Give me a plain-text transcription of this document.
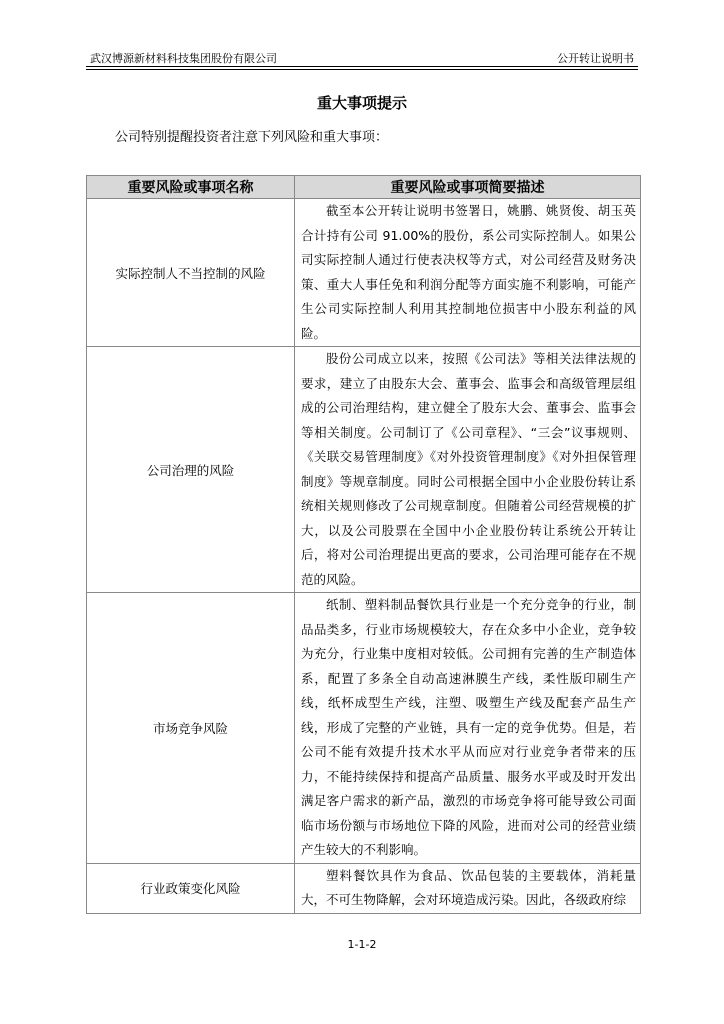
武汉博源新材料科技集团股份有限公司	公开转让说明书
重大事项提示
公司特别提醒投资者注意下列风险和重大事项：
重要风险或事项名称	重要风险或事项简要描述
实际控制人不当控制的风险	截至本公开转让说明书签署日，姚鹏、姚贤俊、胡玉英合计持有公司 91.00%的股份，系公司实际控制人。如果公司实际控制人通过行使表决权等方式，对公司经营及财务决策、重大人事任免和利润分配等方面实施不利影响，可能产生公司实际控制人利用其控制地位损害中小股东利益的风险。

公司治理的风险	股份公司成立以来，按照《公司法》等相关法律法规的要求，建立了由股东大会、董事会、监事会和高级管理层组成的公司治理结构，建立健全了股东大会、董事会、监事会等相关制度。公司制订了《公司章程》、“三会”议事规则、《关联交易管理制度》《对外投资管理制度》《对外担保管理制度》等规章制度。同时公司根据全国中小企业股份转让系统相关规则修改了公司规章制度。但随着公司经营规模的扩大，以及公司股票在全国中小企业股份转让系统公开转让后，将对公司治理提出更高的要求，公司治理可能存在不规范的风险。

市场竞争风险	纸制、塑料制品餐饮具行业是一个充分竞争的行业，制品品类多，行业市场规模较大，存在众多中小企业，竞争较为充分，行业集中度相对较低。公司拥有完善的生产制造体系，配置了多条全自动高速淋膜生产线，柔性版印刷生产线，纸杯成型生产线，注塑、吸塑生产线及配套产品生产线，形成了完整的产业链，具有一定的竞争优势。但是，若公司不能有效提升技术水平从而应对行业竞争者带来的压力，不能持续保持和提高产品质量、服务水平或及时开发出满足客户需求的新产品，激烈的市场竞争将可能导致公司面临市场份额与市场地位下降的风险，进而对公司的经营业绩产生较大的不利影响。

行业政策变化风险	塑料餐饮具作为食品、饮品包装的主要载体，消耗量大，不可生物降解，会对环境造成污染。因此，各级政府综
1-1-2
